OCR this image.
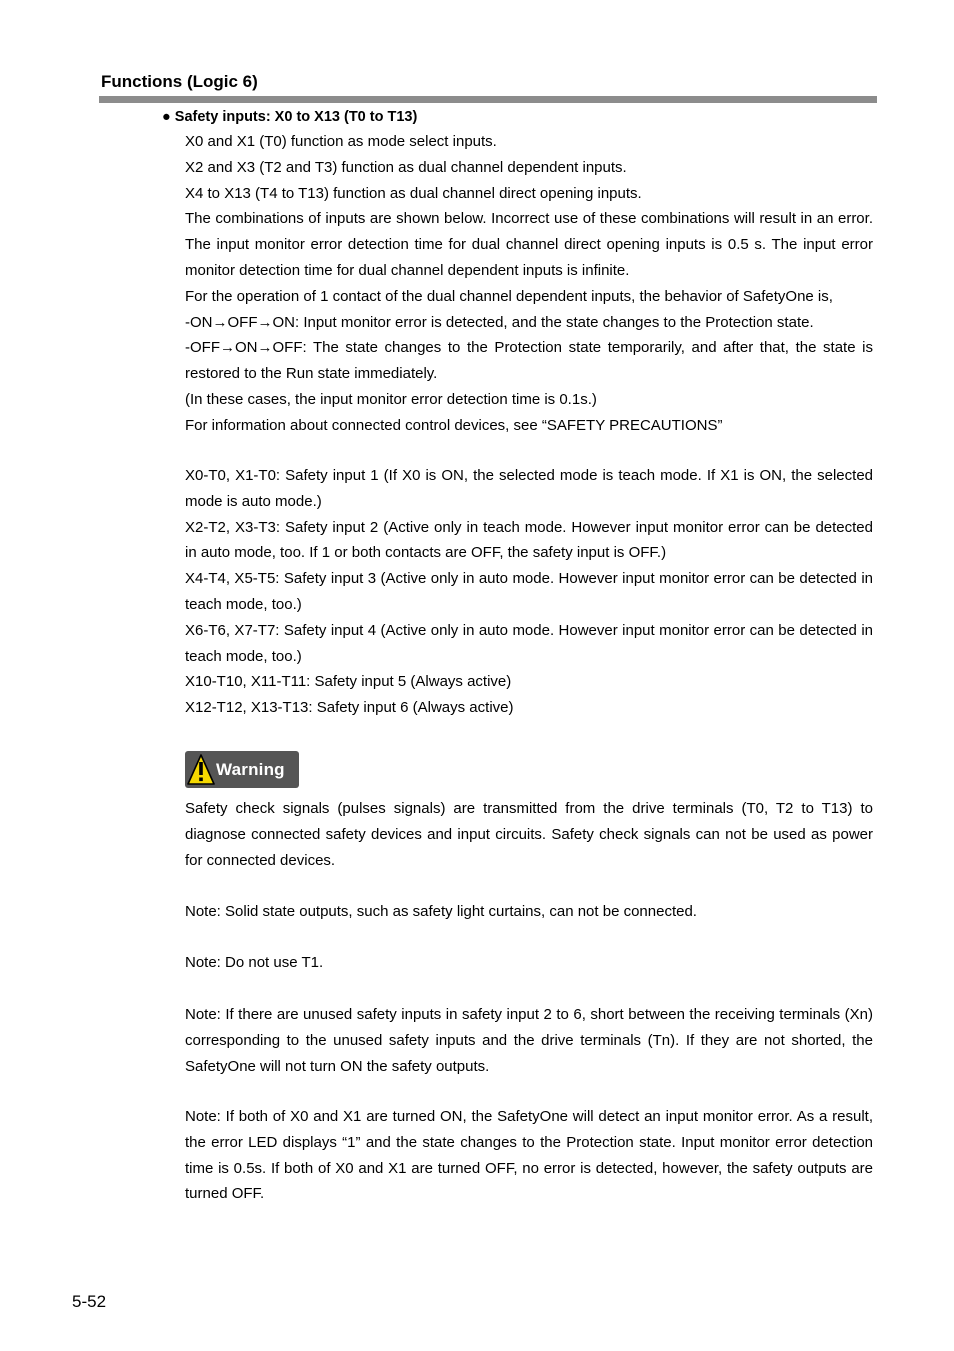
Functions (Logic 6)
● Safety inputs: X0 to X13 (T0 to T13)

X0 and X1 (T0) function as mode select inputs.

X2 and X3 (T2 and T3) function as dual channel dependent inputs.

X4 to X13 (T4 to T13) function as dual channel direct opening inputs.

The combinations of inputs are shown below. Incorrect use of these combinations will result in an error. The input monitor error detection time for dual channel direct opening inputs is 0.5 s. The input error monitor detection time for dual channel dependent inputs is infinite.

For the operation of 1 contact of the dual channel dependent inputs, the behavior of SafetyOne is,

-ON→OFF→ON: Input monitor error is detected, and the state changes to the Protection state.

-OFF→ON→OFF: The state changes to the Protection state temporarily, and after that, the state is restored to the Run state immediately.

(In these cases, the input monitor error detection time is 0.1s.)

For information about connected control devices, see “SAFETY PRECAUTIONS”

X0-T0, X1-T0: Safety input 1 (If X0 is ON, the selected mode is teach mode. If X1 is ON, the selected mode is auto mode.)

X2-T2, X3-T3: Safety input 2 (Active only in teach mode. However input monitor error can be detected in auto mode, too. If 1 or both contacts are OFF, the safety input is OFF.)

X4-T4, X5-T5: Safety input 3 (Active only in auto mode. However input monitor error can be detected in teach mode, too.)

X6-T6, X7-T7: Safety input 4 (Active only in auto mode. However input monitor error can be detected in teach mode, too.)

X10-T10, X11-T11: Safety input 5 (Always active)

X12-T12, X13-T13: Safety input 6 (Always active)

Warning

Safety check signals (pulses signals) are transmitted from the drive terminals (T0, T2 to T13) to diagnose connected safety devices and input circuits. Safety check signals can not be used as power for connected devices.

Note: Solid state outputs, such as safety light curtains, can not be connected.

Note: Do not use T1.

Note: If there are unused safety inputs in safety input 2 to 6, short between the receiving terminals (Xn) corresponding to the unused safety inputs and the drive terminals (Tn). If they are not shorted, the SafetyOne will not turn ON the safety outputs.

Note: If both of X0 and X1 are turned ON, the SafetyOne will detect an input monitor error. As a result, the error LED displays “1” and the state changes to the Protection state. Input monitor error detection time is 0.5s. If both of X0 and X1 are turned OFF, no error is detected, however, the safety outputs are turned OFF.

5-52
